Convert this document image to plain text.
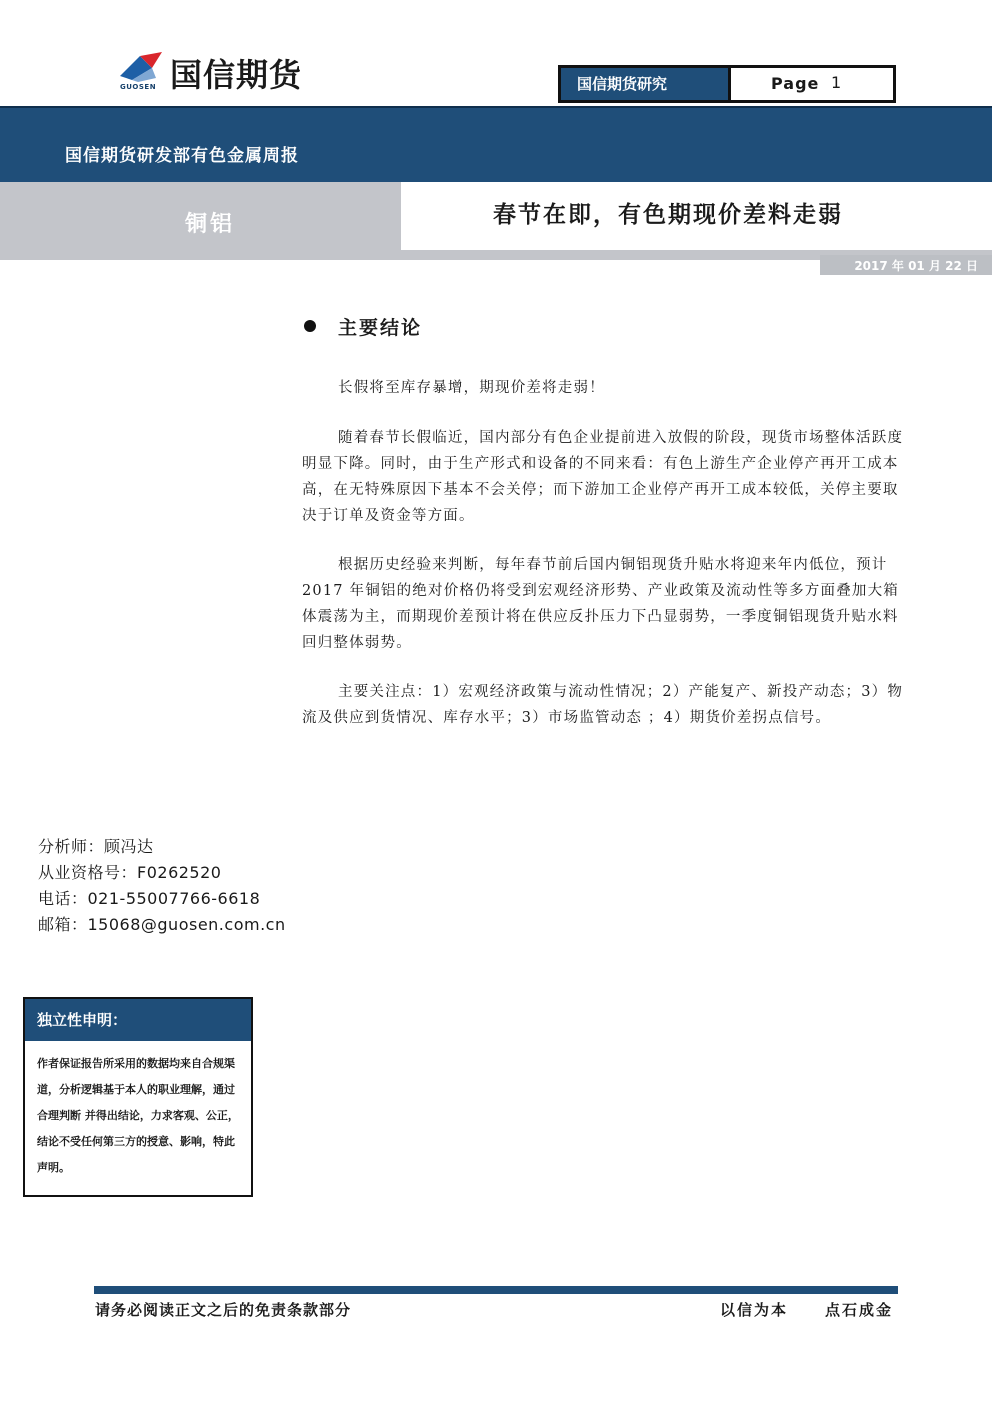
国信期货
GUOSEN	国信期货研究	Page 1
国信期货研发部有色金属周报
铜铝	春节在即，有色期现价差料走弱
2017 年 01 月 22 日
主要结论
长假将至库存暴增，期现价差将走弱！
随着春节长假临近，国内部分有色企业提前进入放假的阶段，现货市场整体活跃度明显下降。同时，由于生产形式和设备的不同来看：有色上游生产企业停产再开工成本高，在无特殊原因下基本不会关停；而下游加工企业停产再开工成本较低，关停主要取决于订单及资金等方面。
根据历史经验来判断，每年春节前后国内铜铝现货升贴水将迎来年内低位，预计 2017 年铜铝的绝对价格仍将受到宏观经济形势、产业政策及流动性等多方面叠加大箱体震荡为主，而期现价差预计将在供应反扑压力下凸显弱势，一季度铜铝现货升贴水料回归整体弱势。
主要关注点：1）宏观经济政策与流动性情况；2）产能复产、新投产动态；3）物流及供应到货情况、库存水平；3）市场监管动态 ；4）期货价差拐点信号。
分析师：顾冯达
从业资格号：F0262520
电话：021-55007766-6618
邮箱：15068@guosen.com.cn
独立性申明：
作者保证报告所采用的数据均来自合规渠道，分析逻辑基于本人的职业理解，通过合理判断 并得出结论，力求客观、公正，结论不受任何第三方的授意、影响，特此声明。
请务必阅读正文之后的免责条款部分	以信为本 点石成金
